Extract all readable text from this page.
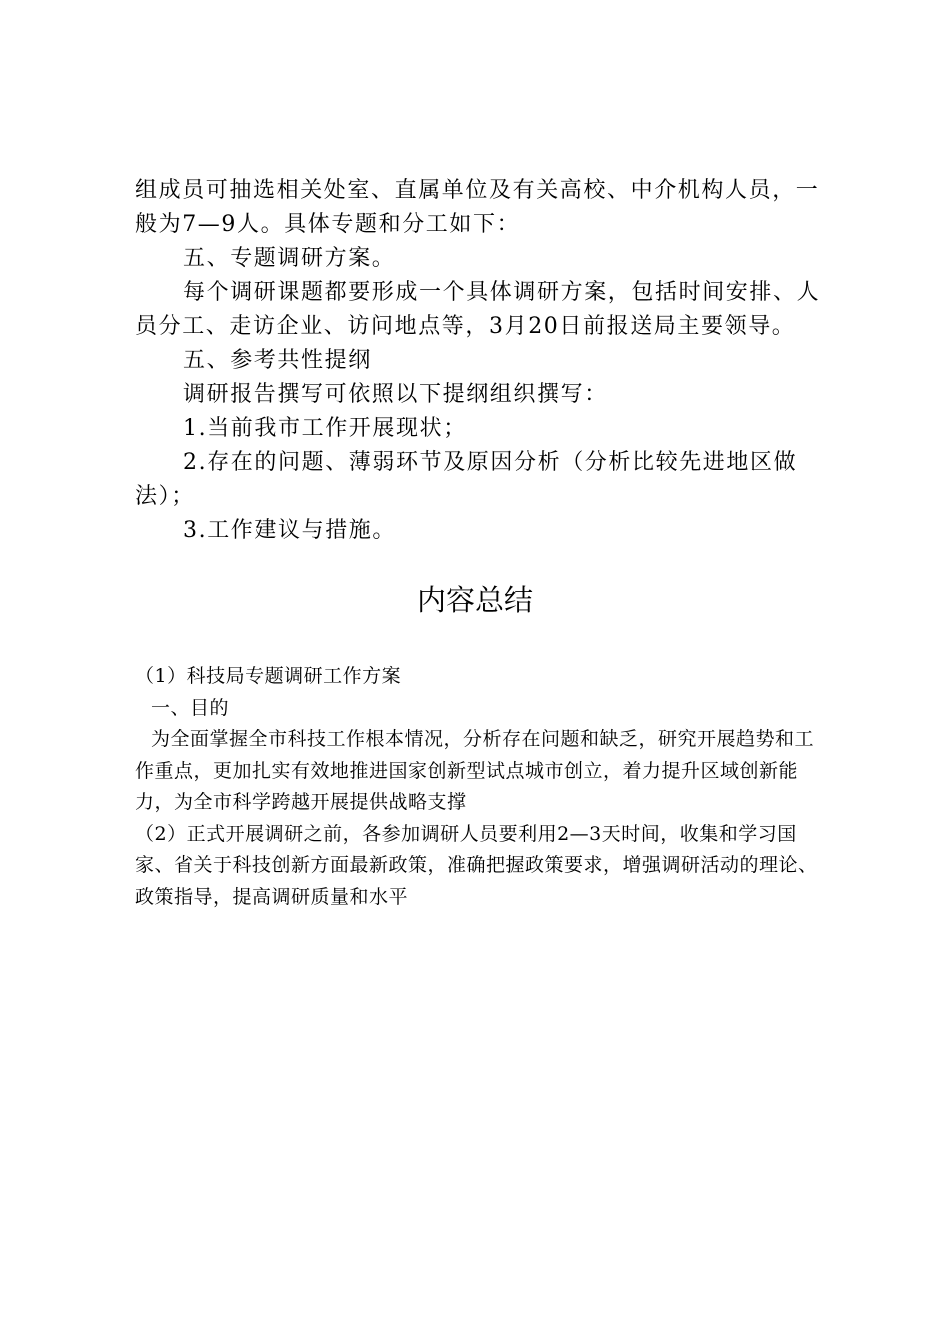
组成员可抽选相关处室、直属单位及有关高校、中介机构人员，一般为7—9人。具体专题和分工如下：

五、专题调研方案。

每个调研课题都要形成一个具体调研方案，包括时间安排、人员分工、走访企业、访问地点等，3月20日前报送局主要领导。

五、参考共性提纲

调研报告撰写可依照以下提纲组织撰写：

1.当前我市工作开展现状；

2.存在的问题、薄弱环节及原因分析（分析比较先进地区做法）；

3.工作建议与措施。

内容总结

（1）科技局专题调研工作方案

一、目的

为全面掌握全市科技工作根本情况，分析存在问题和缺乏，研究开展趋势和工作重点，更加扎实有效地推进国家创新型试点城市创立，着力提升区域创新能力，为全市科学跨越开展提供战略支撑

（2）正式开展调研之前，各参加调研人员要利用2—3天时间，收集和学习国家、省关于科技创新方面最新政策，准确把握政策要求，增强调研活动的理论、政策指导，提高调研质量和水平
